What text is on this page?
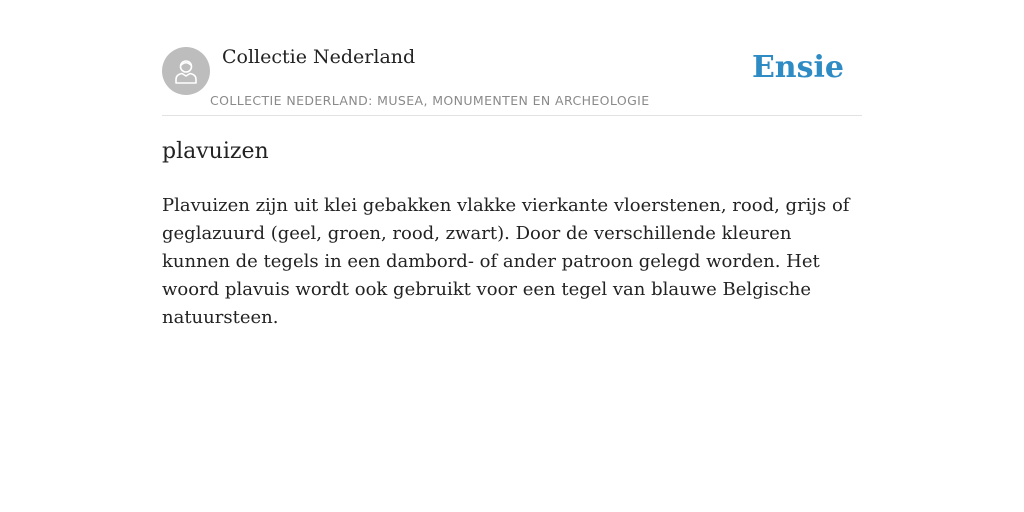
Collectie Nederland
COLLECTIE NEDERLAND: MUSEA, MONUMENTEN EN ARCHEOLOGIE
Ensie
plavuizen

Plavuizen zijn uit klei gebakken vlakke vierkante vloerstenen, rood, grijs of geglazuurd (geel, groen, rood, zwart). Door de verschillende kleuren kunnen de tegels in een dambord- of ander patroon gelegd worden. Het woord plavuis wordt ook gebruikt voor een tegel van blauwe Belgische natuursteen.
